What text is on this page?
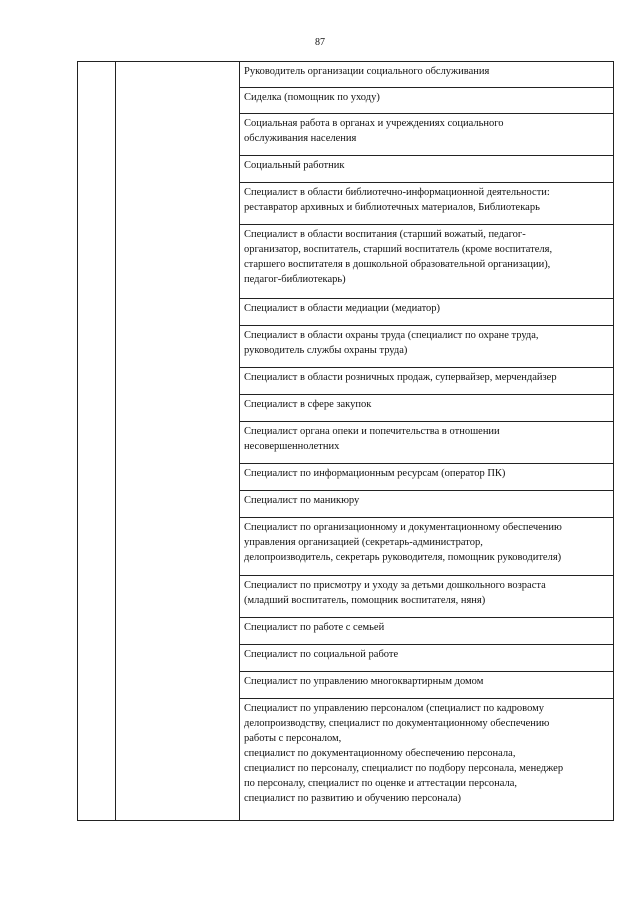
87

Руководитель организации социального обслуживания

Сиделка (помощник по уходу)

Социальная работа в органах и учреждениях социального
обслуживания населения

Социальный работник

Специалист в области библиотечно-информационной деятельности:
реставратор архивных и библиотечных материалов, Библиотекарь

Специалист в области воспитания (старший вожатый, педагог-
организатор, воспитатель, старший воспитатель (кроме воспитателя,
старшего воспитателя в дошкольной образовательной организации),
педагог-библиотекарь)

Специалист в области медиации (медиатор)

Специалист в области охраны труда (специалист по охране труда,
руководитель службы охраны труда)

Специалист в области розничных продаж, супервайзер, мерчендайзер

Специалист в сфере закупок

Специалист органа опеки и попечительства в отношении
несовершеннолетних

Специалист по информационным ресурсам (оператор ПК)

Специалист по маникюру

Специалист по организационному и документационному обеспечению
управления организацией (секретарь-администратор,
делопроизводитель, секретарь руководителя, помощник руководителя)

Специалист по присмотру и уходу за детьми дошкольного возраста
(младший воспитатель, помощник воспитателя, няня)

Специалист по работе с семьей

Специалист по социальной работе

Специалист по управлению многоквартирным домом

Специалист по управлению персоналом (специалист по кадровому
делопроизводству, специалист по документационному обеспечению
работы с персоналом,
специалист по документационному обеспечению персонала,
специалист по персоналу, специалист по подбору персонала, менеджер
по персоналу, специалист по оценке и аттестации персонала,
специалист по развитию и обучению персонала)
